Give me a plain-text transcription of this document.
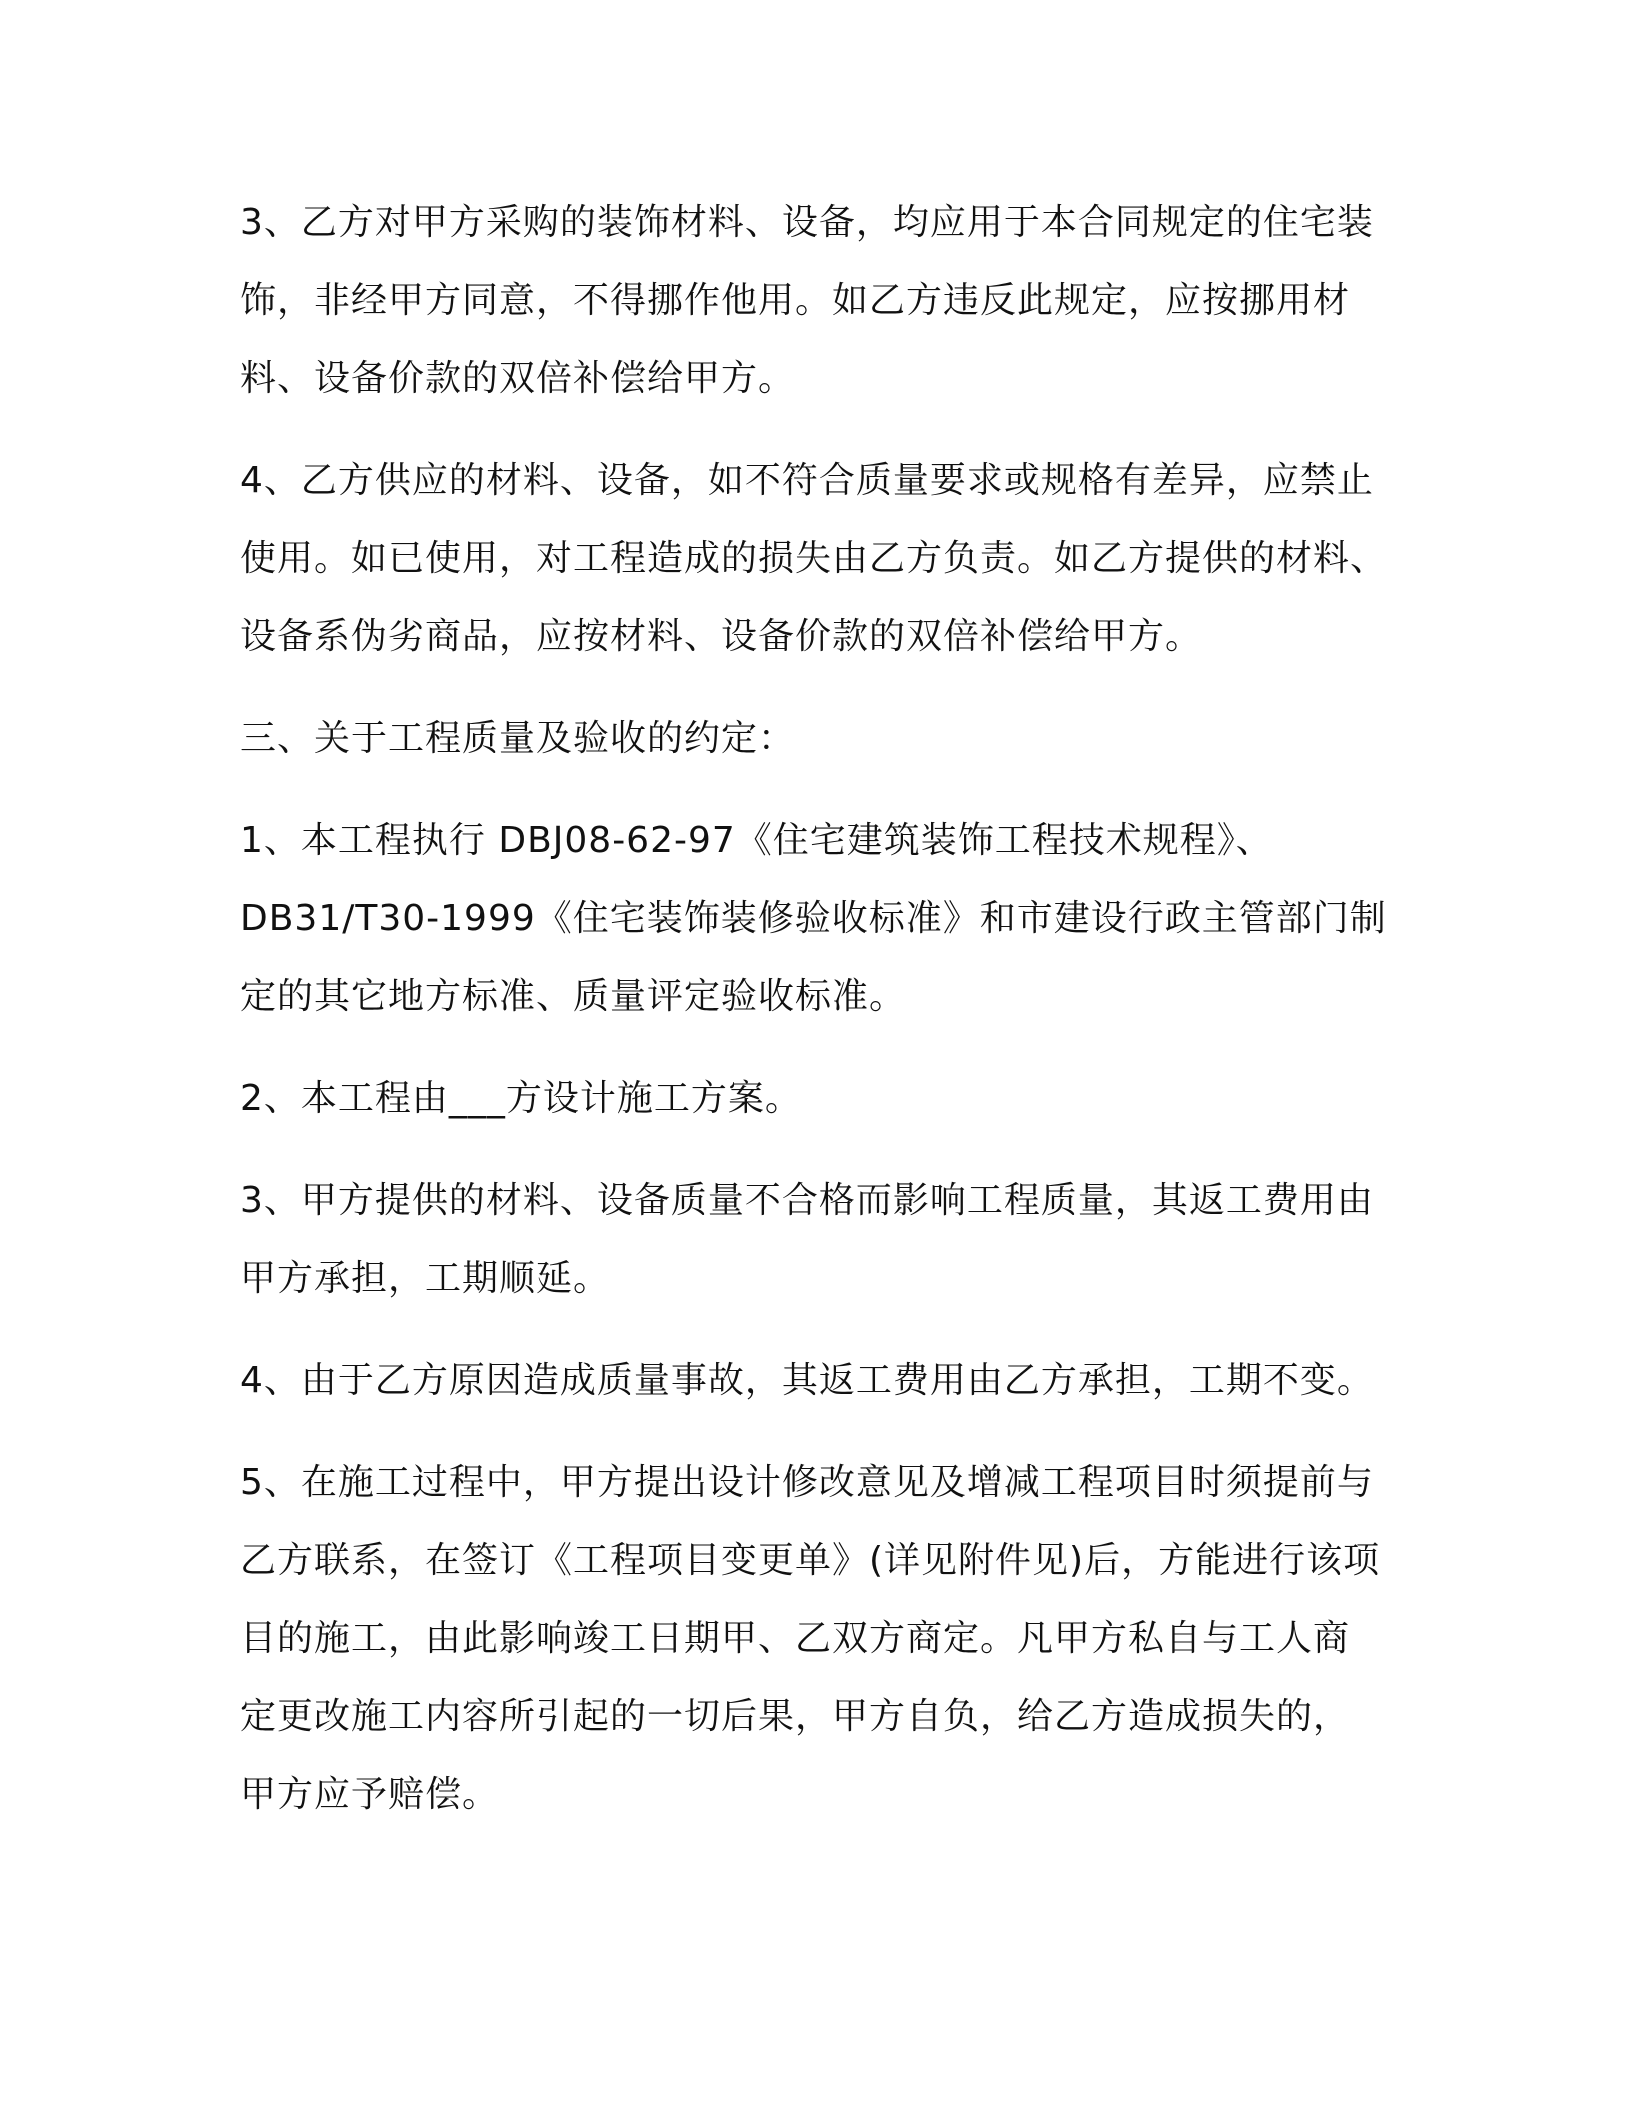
3、乙方对甲方采购的装饰材料、设备，均应用于本合同规定的住宅装
饰，非经甲方同意，不得挪作他用。如乙方违反此规定，应按挪用材
料、设备价款的双倍补偿给甲方。

4、乙方供应的材料、设备，如不符合质量要求或规格有差异，应禁止
使用。如已使用，对工程造成的损失由乙方负责。如乙方提供的材料、
设备系伪劣商品，应按材料、设备价款的双倍补偿给甲方。

三、关于工程质量及验收的约定：

1、本工程执行 DBJ08-62-97《住宅建筑装饰工程技术规程》、
DB31/T30-1999《住宅装饰装修验收标准》和市建设行政主管部门制
定的其它地方标准、质量评定验收标准。

2、本工程由___方设计施工方案。

3、甲方提供的材料、设备质量不合格而影响工程质量，其返工费用由
甲方承担，工期顺延。

4、由于乙方原因造成质量事故，其返工费用由乙方承担，工期不变。

5、在施工过程中，甲方提出设计修改意见及增减工程项目时须提前与
乙方联系，在签订《工程项目变更单》(详见附件见)后，方能进行该项
目的施工，由此影响竣工日期甲、乙双方商定。凡甲方私自与工人商
定更改施工内容所引起的一切后果，甲方自负，给乙方造成损失的，
甲方应予赔偿。
